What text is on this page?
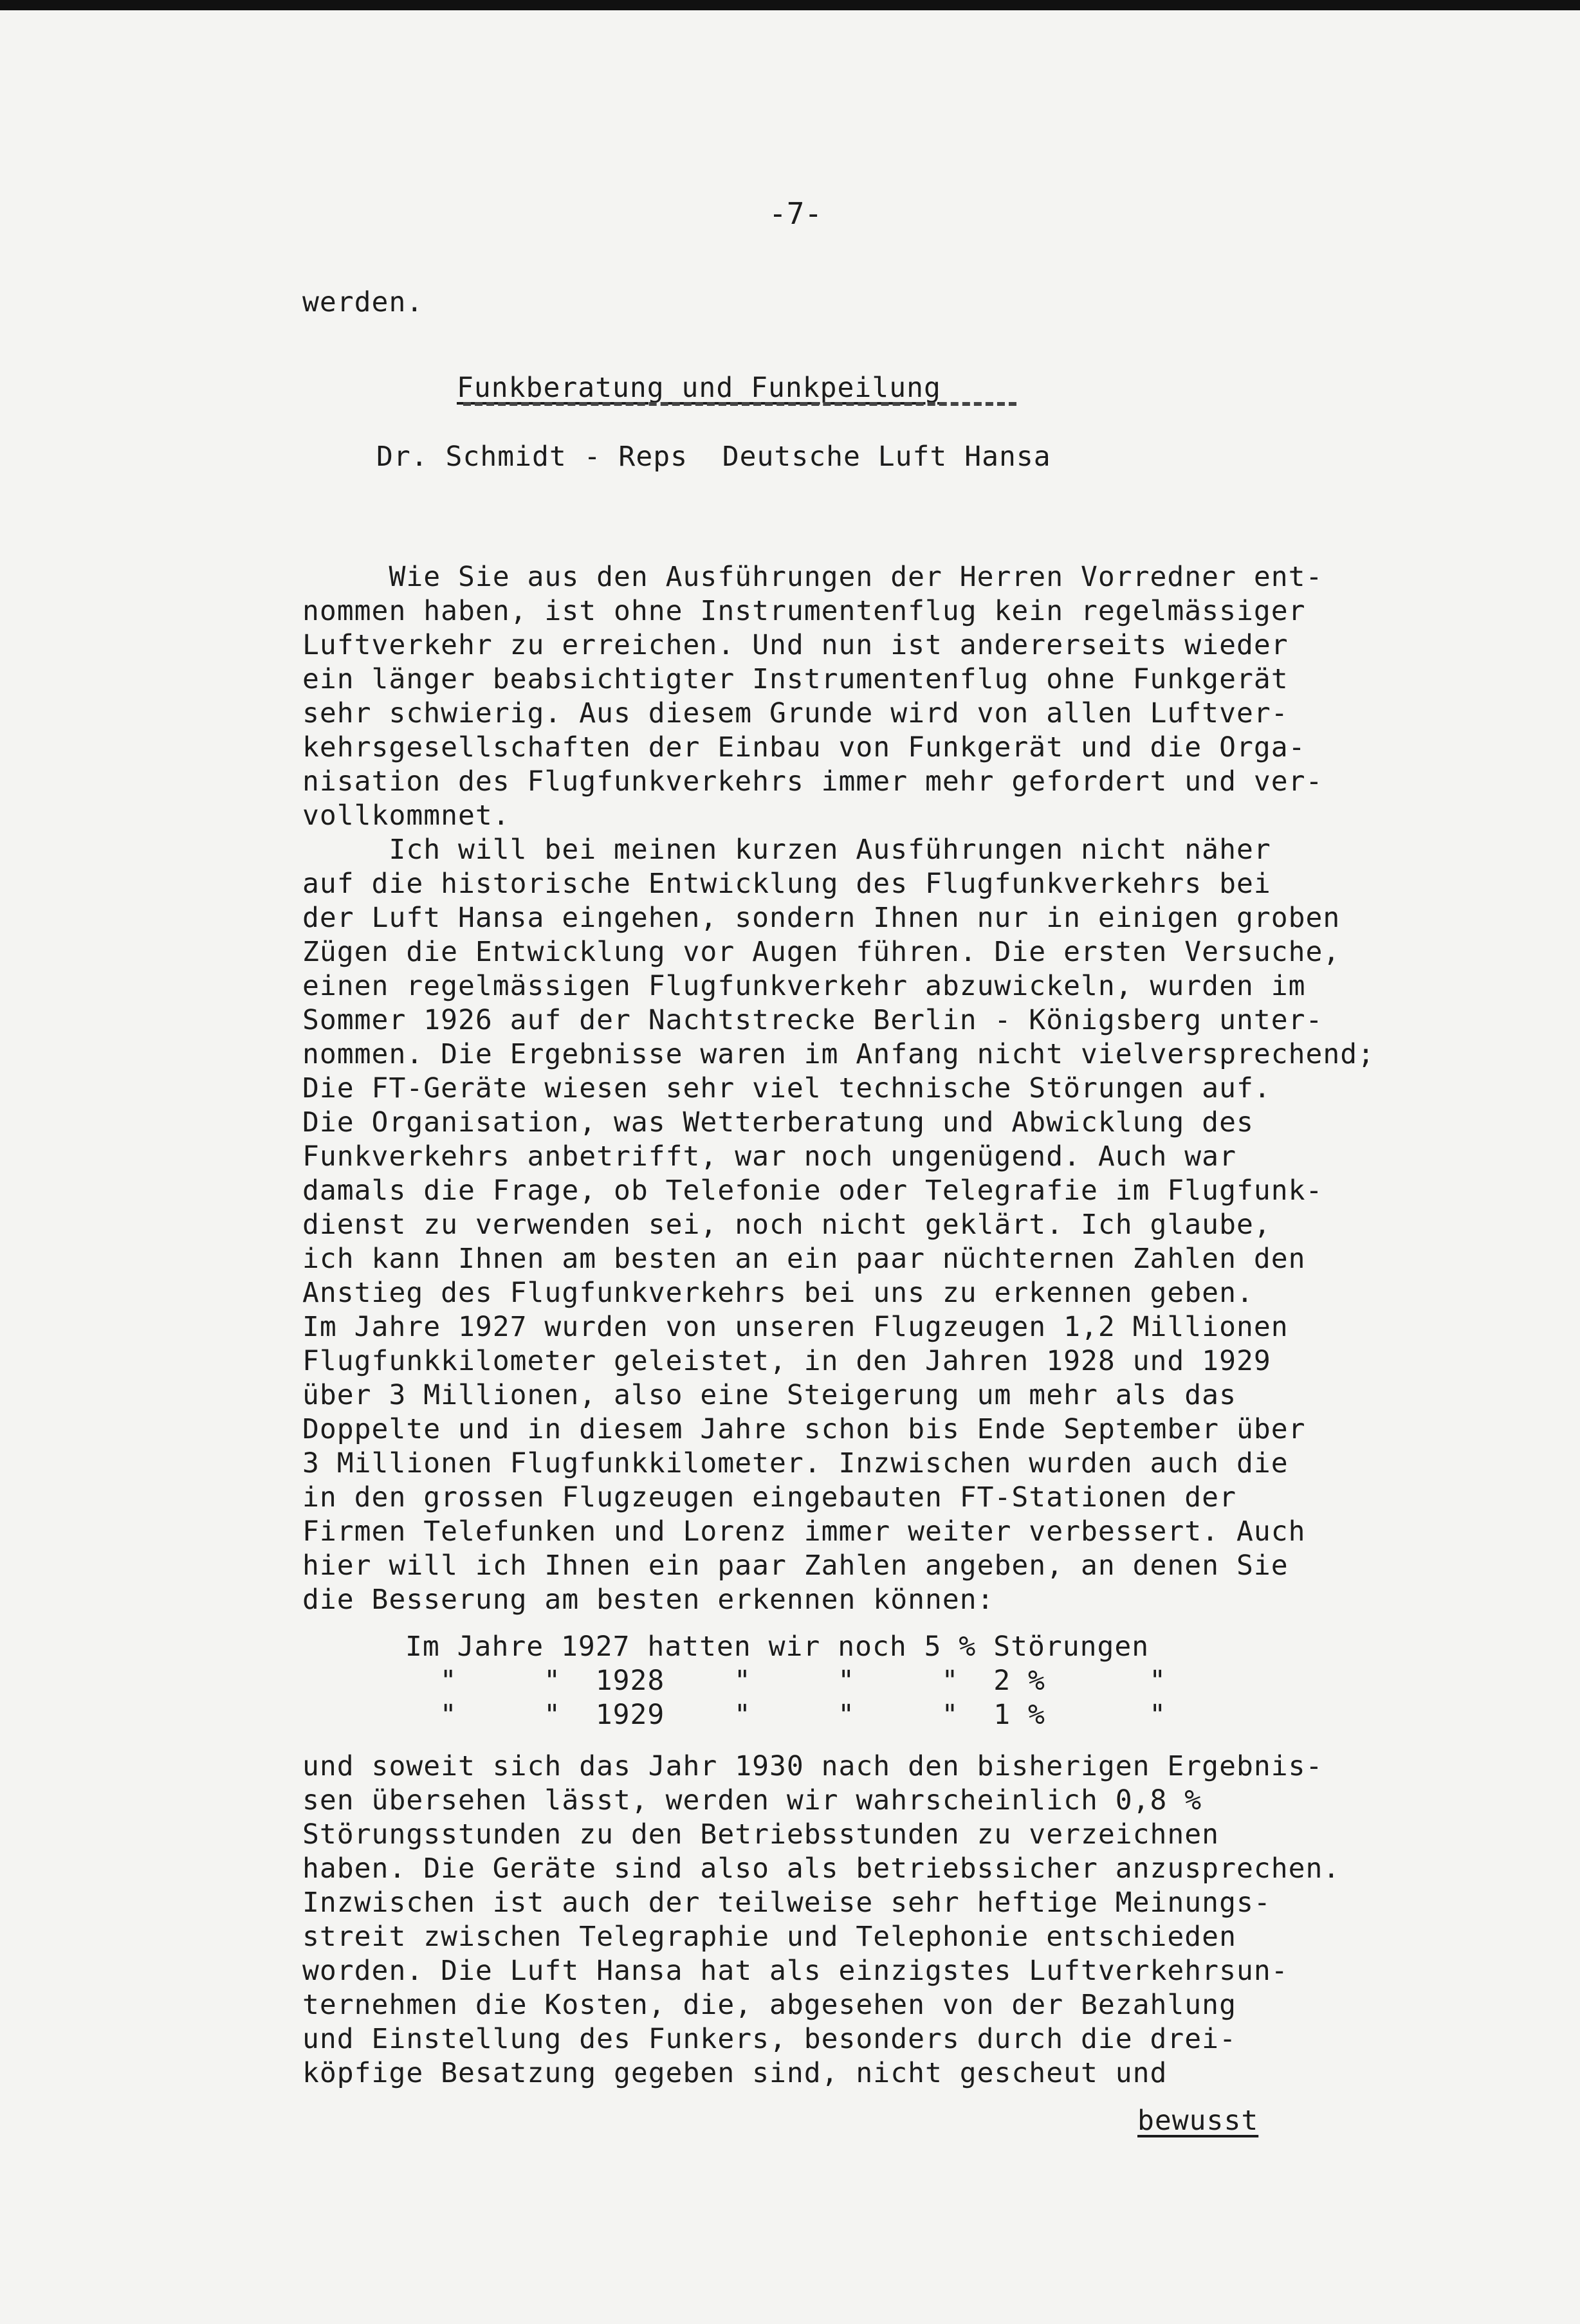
-7-
werden.
Funkberatung und Funkpeilung
Dr. Schmidt - Reps  Deutsche Luft Hansa
Wie Sie aus den Ausführungen der Herren Vorredner ent-
nommen haben, ist ohne Instrumentenflug kein regelmässiger
Luftverkehr zu erreichen. Und nun ist andererseits wieder
ein länger beabsichtigter Instrumentenflug ohne Funkgerät
sehr schwierig. Aus diesem Grunde wird von allen Luftver-
kehrsgesellschaften der Einbau von Funkgerät und die Orga-
nisation des Flugfunkverkehrs immer mehr gefordert und ver-
vollkommnet.
Ich will bei meinen kurzen Ausführungen nicht näher
auf die historische Entwicklung des Flugfunkverkehrs bei
der Luft Hansa eingehen, sondern Ihnen nur in einigen groben
Zügen die Entwicklung vor Augen führen. Die ersten Versuche,
einen regelmässigen Flugfunkverkehr abzuwickeln, wurden im
Sommer 1926 auf der Nachtstrecke Berlin - Königsberg unter-
nommen. Die Ergebnisse waren im Anfang nicht vielversprechend;
Die FT-Geräte wiesen sehr viel technische Störungen auf.
Die Organisation, was Wetterberatung und Abwicklung des
Funkverkehrs anbetrifft, war noch ungenügend. Auch war
damals die Frage, ob Telefonie oder Telegrafie im Flugfunk-
dienst zu verwenden sei, noch nicht geklärt. Ich glaube,
ich kann Ihnen am besten an ein paar nüchternen Zahlen den
Anstieg des Flugfunkverkehrs bei uns zu erkennen geben.
Im Jahre 1927 wurden von unseren Flugzeugen 1,2 Millionen
Flugfunkkilometer geleistet, in den Jahren 1928 und 1929
über 3 Millionen, also eine Steigerung um mehr als das
Doppelte und in diesem Jahre schon bis Ende September über
3 Millionen Flugfunkkilometer. Inzwischen wurden auch die
in den grossen Flugzeugen eingebauten FT-Stationen der
Firmen Telefunken und Lorenz immer weiter verbessert. Auch
hier will ich Ihnen ein paar Zahlen angeben, an denen Sie
die Besserung am besten erkennen können:
Im Jahre 1927 hatten wir noch 5 % Störungen
"     "  1928    "     "     "  2 %      "
"     "  1929    "     "     "  1 %      "
und soweit sich das Jahr 1930 nach den bisherigen Ergebnis-
sen übersehen lässt, werden wir wahrscheinlich 0,8 %
Störungsstunden zu den Betriebsstunden zu verzeichnen
haben. Die Geräte sind also als betriebssicher anzusprechen.
Inzwischen ist auch der teilweise sehr heftige Meinungs-
streit zwischen Telegraphie und Telephonie entschieden
worden. Die Luft Hansa hat als einzigstes Luftverkehrsun-
ternehmen die Kosten, die, abgesehen von der Bezahlung
und Einstellung des Funkers, besonders durch die drei-
köpfige Besatzung gegeben sind, nicht gescheut und
bewusst
